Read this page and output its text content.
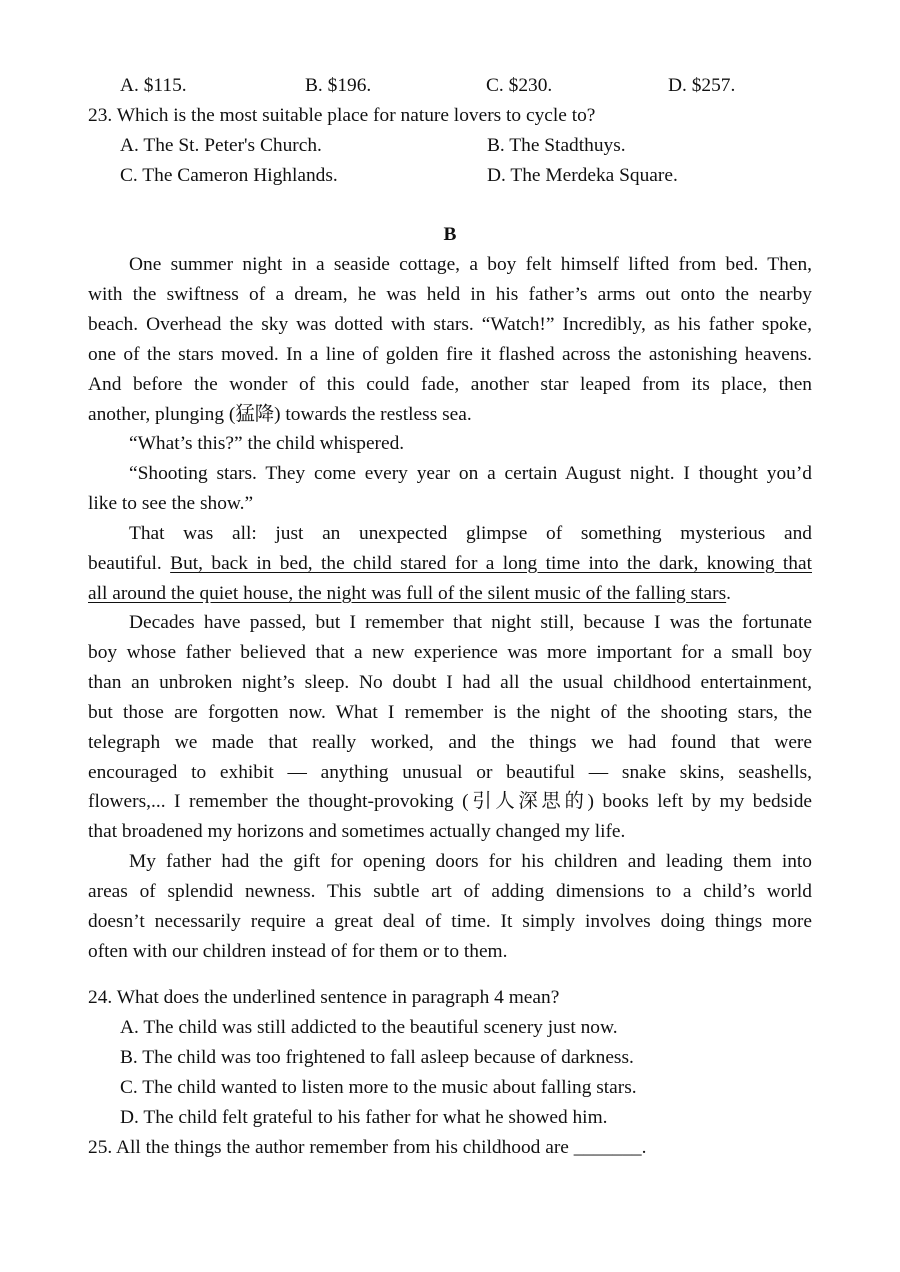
A. $115.	B. $196.	C. $230.	D. $257.
23. Which is the most suitable place for nature lovers to cycle to?
A. The St. Peter's Church.	B. The Stadthuys.
C. The Cameron Highlands.	D. The Merdeka Square.
B
One summer night in a seaside cottage, a boy felt himself lifted from bed. Then,
with the swiftness of a dream, he was held in his father’s arms out onto the nearby
beach. Overhead the sky was dotted with stars. “Watch!” Incredibly, as his father spoke,
one of the stars moved. In a line of golden fire it flashed across the astonishing heavens.
And before the wonder of this could fade, another star leaped from its place, then
another, plunging (猛降) towards the restless sea.
“What’s this?” the child whispered.
“Shooting stars. They come every year on a certain August night. I thought you’d
like to see the show.”
That was all: just an unexpected glimpse of something mysterious and
beautiful. But, back in bed, the child stared for a long time into the dark, knowing that
all around the quiet house, the night was full of the silent music of the falling stars.
Decades have passed, but I remember that night still, because I was the fortunate
boy whose father believed that a new experience was more important for a small boy
than an unbroken night’s sleep. No doubt I had all the usual childhood entertainment,
but those are forgotten now. What I remember is the night of the shooting stars, the
telegraph we made that really worked, and the things we had found that were
encouraged to exhibit — anything unusual or beautiful — snake skins, seashells,
flowers,... I remember the thought-provoking (引人深思的) books left by my bedside
that broadened my horizons and sometimes actually changed my life.
My father had the gift for opening doors for his children and leading them into
areas of splendid newness. This subtle art of adding dimensions to a child’s world
doesn’t necessarily require a great deal of time. It simply involves doing things more
often with our children instead of for them or to them.
24. What does the underlined sentence in paragraph 4 mean?
A. The child was still addicted to the beautiful scenery just now.
B. The child was too frightened to fall asleep because of darkness.
C. The child wanted to listen more to the music about falling stars.
D. The child felt grateful to his father for what he showed him.
25. All the things the author remember from his childhood are _______.
